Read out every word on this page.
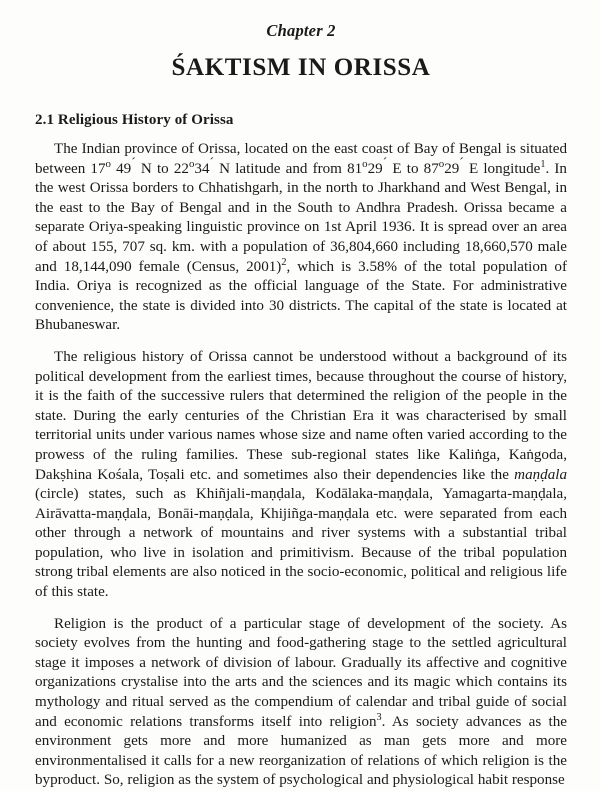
Chapter 2
ŚAKTISM IN ORISSA
2.1 Religious History of Orissa

The Indian province of Orissa, located on the east coast of Bay of Bengal is situated between 17$^o$ 49´ N to 22$^o$34´ N latitude and from 81$^o$29´ E to 87$^o$29´ E longitude$^1$. In the west Orissa borders to Chhatishgarh, in the north to Jharkhand and West Bengal, in the east to the Bay of Bengal and in the South to Andhra Pradesh. Orissa became a separate Oriya-speaking linguistic province on 1st April 1936. It is spread over an area of about 155, 707 sq. km. with a population of 36,804,660 including 18,660,570 male and 18,144,090 female (Census, 2001)$^2$, which is 3.58% of the total population of India. Oriya is recognized as the official language of the State. For administrative convenience, the state is divided into 30 districts. The capital of the state is located at Bhubaneswar.

The religious history of Orissa cannot be understood without a background of its political development from the earliest times, because throughout the course of history, it is the faith of the successive rulers that determined the religion of the people in the state. During the early centuries of the Christian Era it was characterised by small territorial units under various names whose size and name often varied according to the prowess of the ruling families. These sub-regional states like Kaliṅga, Kaṅgoda, Dakṣhina Kośala, Toṣali etc. and sometimes also their dependencies like the maṇḍala (circle) states, such as Khiñjali-maṇḍala, Kodālaka-maṇḍala, Yamagarta-maṇḍala, Airāvatta-maṇḍala, Bonāi-maṇḍala, Khijiñga-maṇḍala etc. were separated from each other through a network of mountains and river systems with a substantial tribal population, who live in isolation and primitivism. Because of the tribal population strong tribal elements are also noticed in the socio-economic, political and religious life of this state.

Religion is the product of a particular stage of development of the society. As society evolves from the hunting and food-gathering stage to the settled agricultural stage it imposes a network of division of labour. Gradually its affective and cognitive organizations crystalise into the arts and the sciences and its magic which contains its mythology and ritual served as the compendium of calendar and tribal guide of social and economic relations transforms itself into religion$^3$. As society advances as the environment gets more and more humanized as man gets more and more environmentalised it calls for a new reorganization of relations of which religion is the byproduct. So, religion as the system of psychological and physiological habit response
